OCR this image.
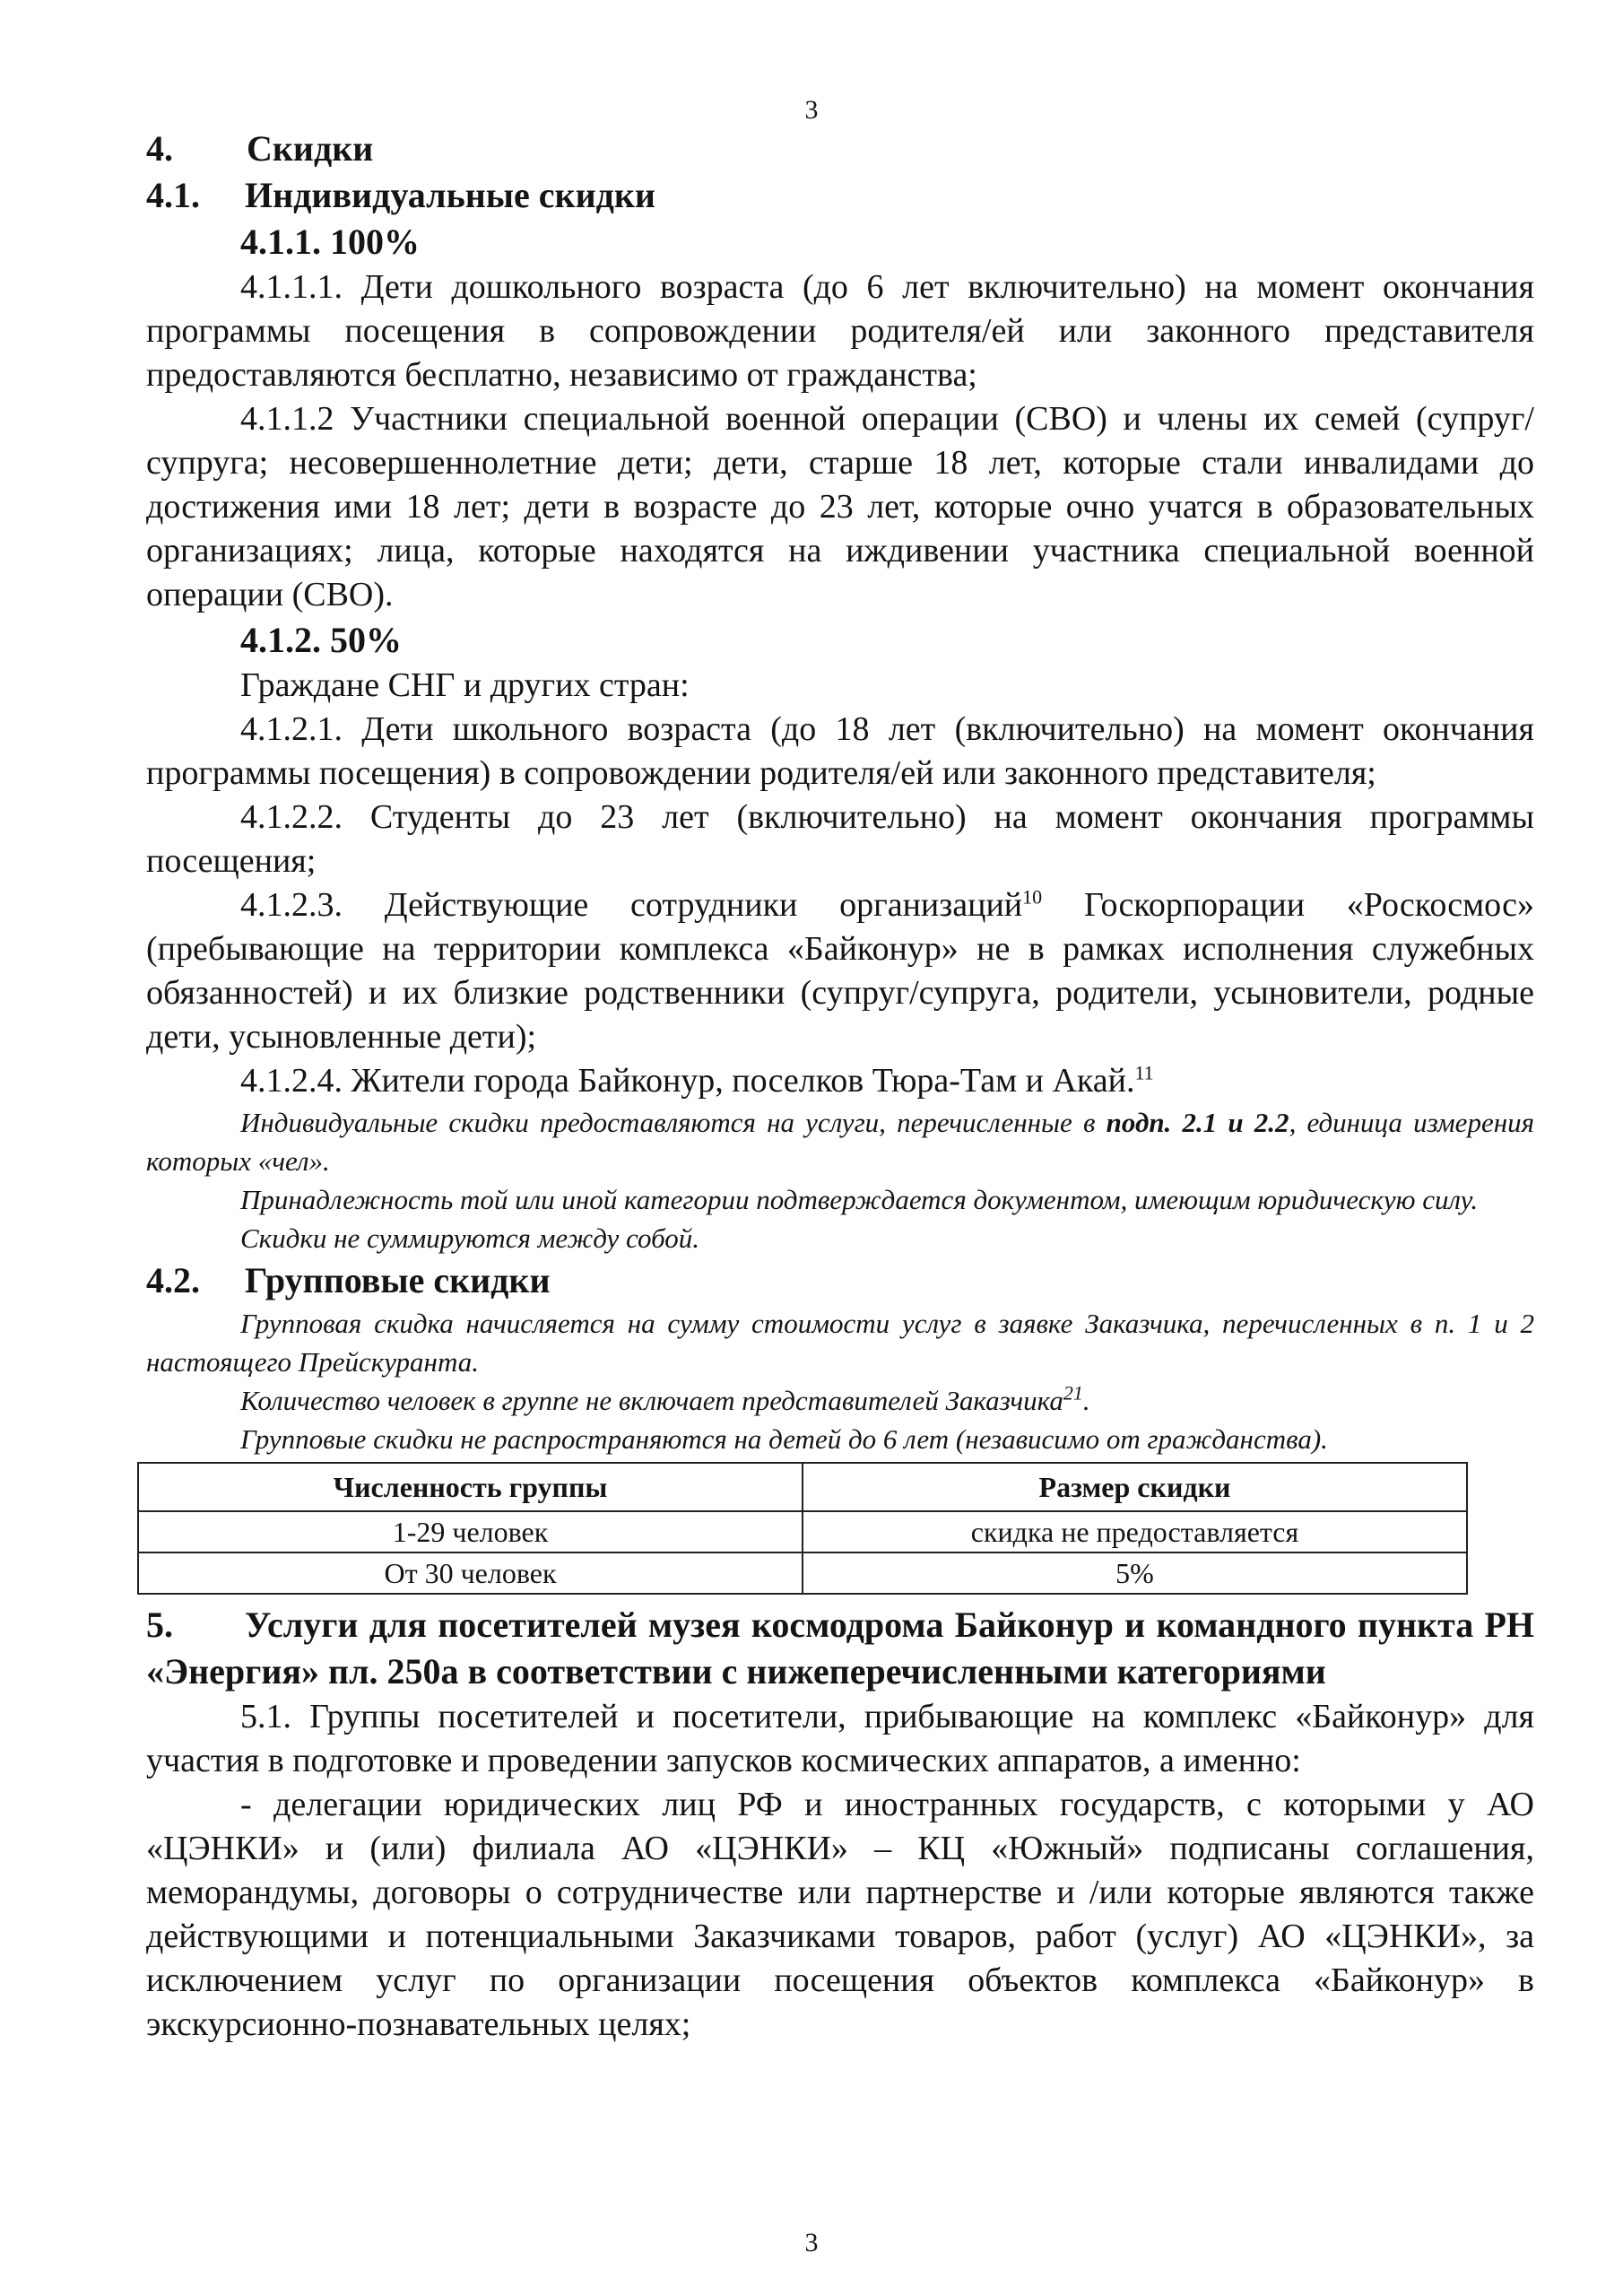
3
4. Скидки
4.1. Индивидуальные скидки
4.1.1. 100%

4.1.1.1. Дети дошкольного возраста (до 6 лет включительно) на момент окончания программы посещения в сопровождении родителя/ей или законного представителя предоставляются бесплатно, независимо от гражданства;

4.1.1.2 Участники специальной военной операции (СВО) и члены их семей (супруг/супруга; несовершеннолетние дети; дети, старше 18 лет, которые стали инвалидами до достижения ими 18 лет; дети в возрасте до 23 лет, которые очно учатся в образовательных организациях; лица, которые находятся на иждивении участника специальной военной операции (СВО).

4.1.2. 50%

Граждане СНГ и других стран:

4.1.2.1. Дети школьного возраста (до 18 лет (включительно) на момент окончания программы посещения) в сопровождении родителя/ей или законного представителя;

4.1.2.2. Студенты до 23 лет (включительно) на момент окончания программы посещения;

4.1.2.3. Действующие сотрудники организаций$^{10}$ Госкорпорации «Роскосмос» (пребывающие на территории комплекса «Байконур» не в рамках исполнения служебных обязанностей) и их близкие родственники (супруг/супруга, родители, усыновители, родные дети, усыновленные дети);

4.1.2.4. Жители города Байконур, поселков Тюра-Там и Акай.$^{11}$

Индивидуальные скидки предоставляются на услуги, перечисленные в подп. 2.1 и 2.2, единица измерения которых «чел».

Принадлежность той или иной категории подтверждается документом, имеющим юридическую силу.

Скидки не суммируются между собой.

4.2. Групповые скидки

Групповая скидка начисляется на сумму стоимости услуг в заявке Заказчика, перечисленных в п. 1 и 2 настоящего Прейскуранта.

Количество человек в группе не включает представителей Заказчика$^{21}$.

Групповые скидки не распространяются на детей до 6 лет (независимо от гражданства).

Численность группы	Размер скидки
1-29 человек	скидка не предоставляется
От 30 человек	5%

5. Услуги для посетителей музея космодрома Байконур и командного пункта РН «Энергия» пл. 250а в соответствии с нижеперечисленными категориями

5.1. Группы посетителей и посетители, прибывающие на комплекс «Байконур» для участия в подготовке и проведении запусков космических аппаратов, а именно:

- делегации юридических лиц РФ и иностранных государств, с которыми у АО «ЦЭНКИ» и (или) филиала АО «ЦЭНКИ» – КЦ «Южный» подписаны соглашения, меморандумы, договоры о сотрудничестве или партнерстве и /или которые являются также действующими и потенциальными Заказчиками товаров, работ (услуг) АО «ЦЭНКИ», за исключением услуг по организации посещения объектов комплекса «Байконур» в экскурсионно-познавательных целях;

3
